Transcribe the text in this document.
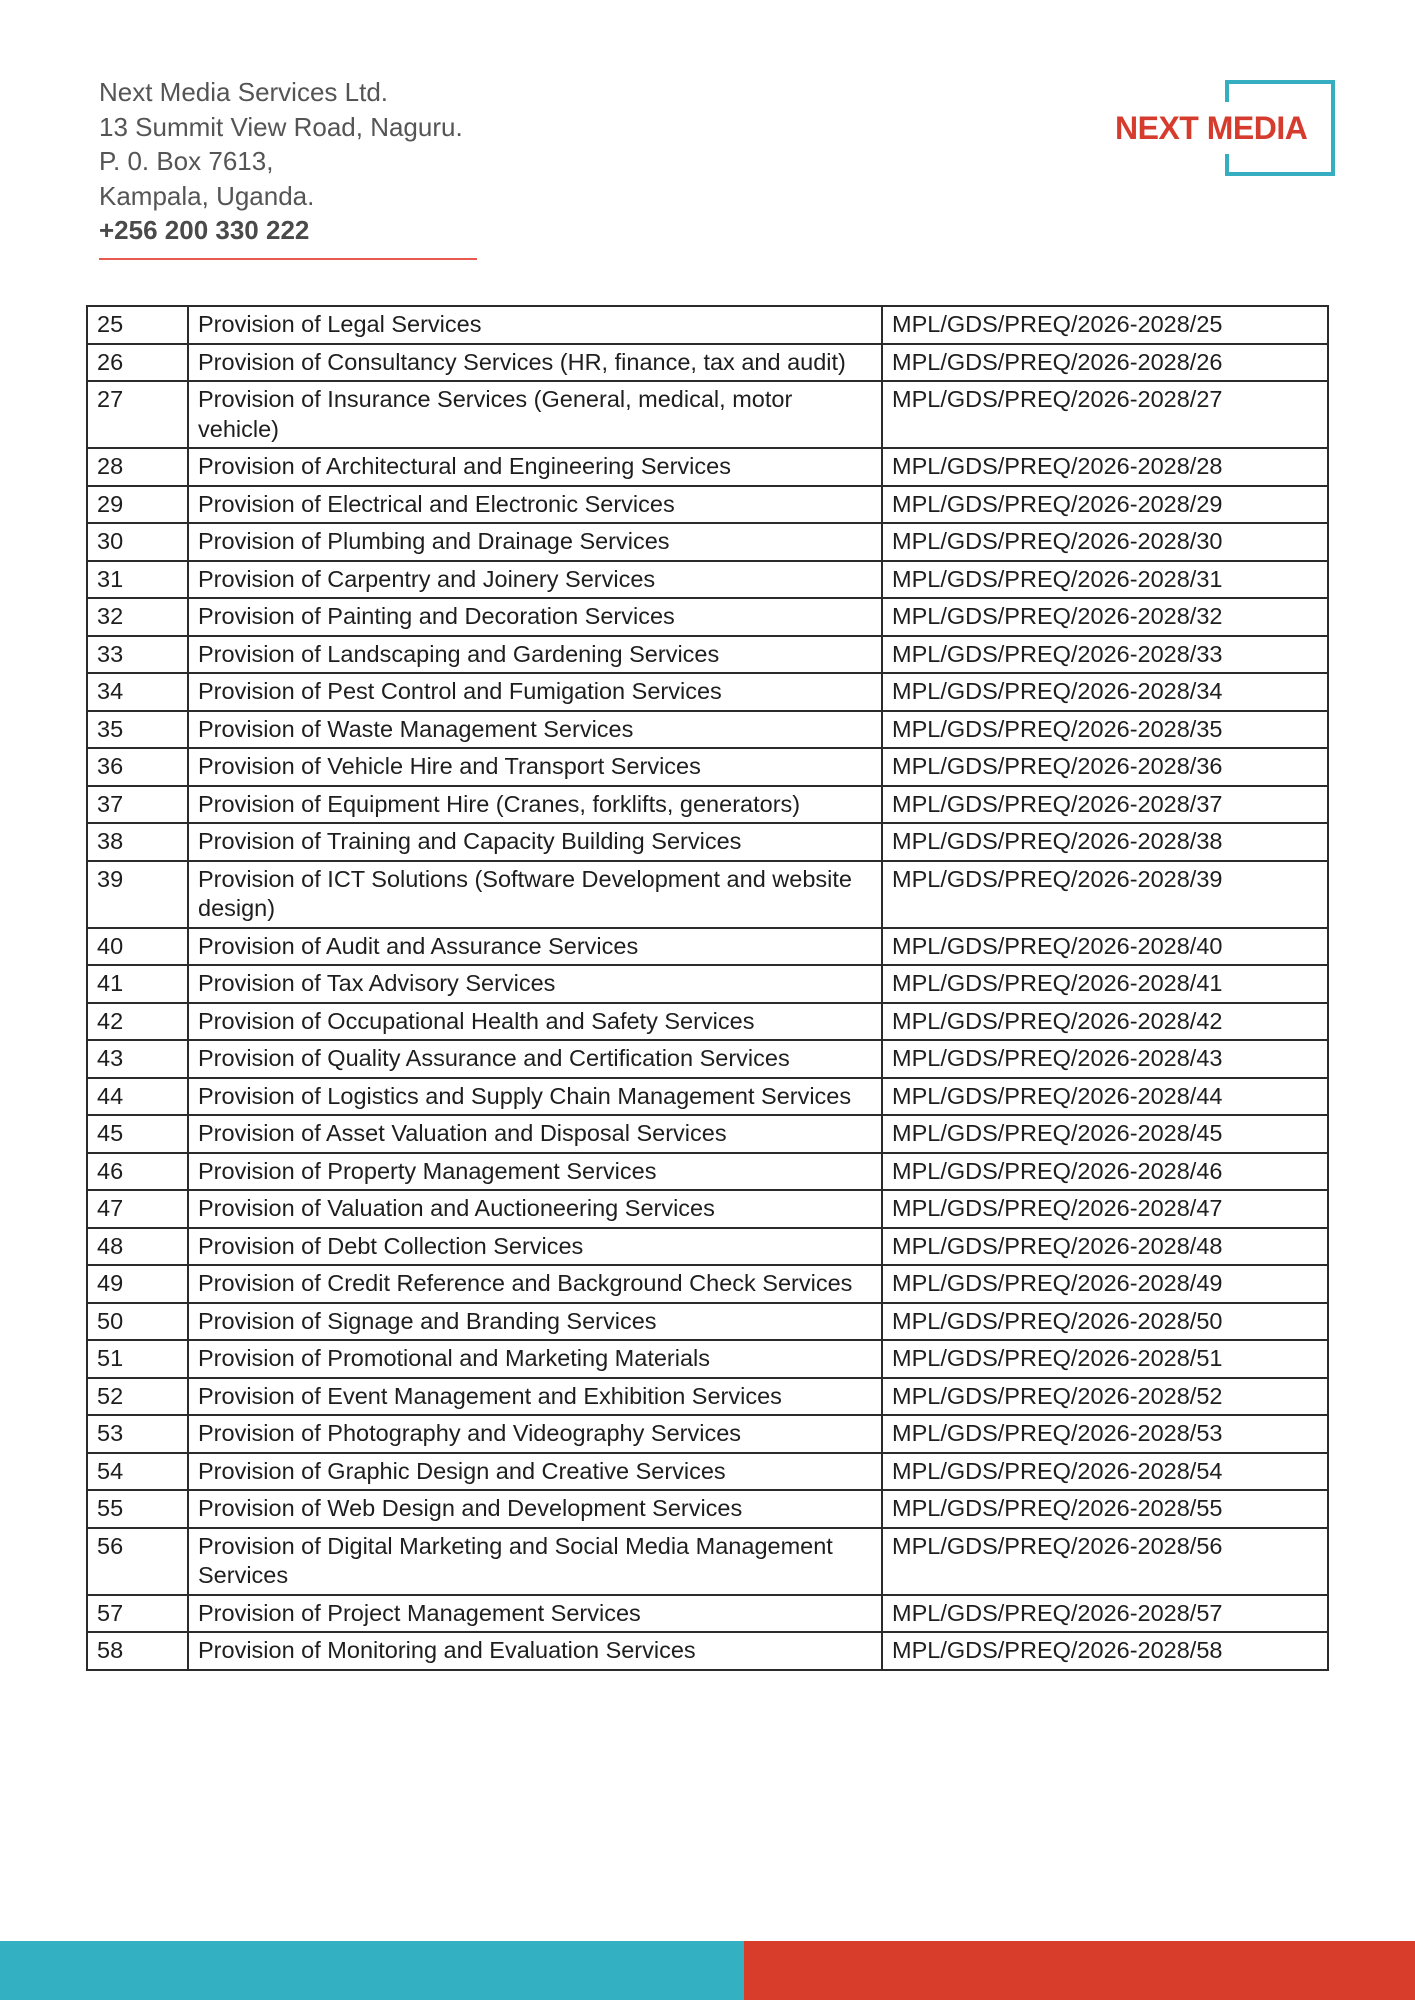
Next Media Services Ltd.
13 Summit View Road, Naguru.
P. 0. Box 7613,
Kampala, Uganda.
+256 200 330 222
NEXT MEDIA
25	Provision of Legal Services	MPL/GDS/PREQ/2026-2028/25
26	Provision of Consultancy Services (HR, finance, tax and audit)	MPL/GDS/PREQ/2026-2028/26
27	Provision of Insurance Services (General, medical, motor vehicle)	MPL/GDS/PREQ/2026-2028/27
28	Provision of Architectural and Engineering Services	MPL/GDS/PREQ/2026-2028/28
29	Provision of Electrical and Electronic Services	MPL/GDS/PREQ/2026-2028/29
30	Provision of Plumbing and Drainage Services	MPL/GDS/PREQ/2026-2028/30
31	Provision of Carpentry and Joinery Services	MPL/GDS/PREQ/2026-2028/31
32	Provision of Painting and Decoration Services	MPL/GDS/PREQ/2026-2028/32
33	Provision of Landscaping and Gardening Services	MPL/GDS/PREQ/2026-2028/33
34	Provision of Pest Control and Fumigation Services	MPL/GDS/PREQ/2026-2028/34
35	Provision of Waste Management Services	MPL/GDS/PREQ/2026-2028/35
36	Provision of Vehicle Hire and Transport Services	MPL/GDS/PREQ/2026-2028/36
37	Provision of Equipment Hire (Cranes, forklifts, generators)	MPL/GDS/PREQ/2026-2028/37
38	Provision of Training and Capacity Building Services	MPL/GDS/PREQ/2026-2028/38
39	Provision of ICT Solutions (Software Development and website design)	MPL/GDS/PREQ/2026-2028/39
40	Provision of Audit and Assurance Services	MPL/GDS/PREQ/2026-2028/40
41	Provision of Tax Advisory Services	MPL/GDS/PREQ/2026-2028/41
42	Provision of Occupational Health and Safety Services	MPL/GDS/PREQ/2026-2028/42
43	Provision of Quality Assurance and Certification Services	MPL/GDS/PREQ/2026-2028/43
44	Provision of Logistics and Supply Chain Management Services	MPL/GDS/PREQ/2026-2028/44
45	Provision of Asset Valuation and Disposal Services	MPL/GDS/PREQ/2026-2028/45
46	Provision of Property Management Services	MPL/GDS/PREQ/2026-2028/46
47	Provision of Valuation and Auctioneering Services	MPL/GDS/PREQ/2026-2028/47
48	Provision of Debt Collection Services	MPL/GDS/PREQ/2026-2028/48
49	Provision of Credit Reference and Background Check Services	MPL/GDS/PREQ/2026-2028/49
50	Provision of Signage and Branding Services	MPL/GDS/PREQ/2026-2028/50
51	Provision of Promotional and Marketing Materials	MPL/GDS/PREQ/2026-2028/51
52	Provision of Event Management and Exhibition Services	MPL/GDS/PREQ/2026-2028/52
53	Provision of Photography and Videography Services	MPL/GDS/PREQ/2026-2028/53
54	Provision of Graphic Design and Creative Services	MPL/GDS/PREQ/2026-2028/54
55	Provision of Web Design and Development Services	MPL/GDS/PREQ/2026-2028/55
56	Provision of Digital Marketing and Social Media Management Services	MPL/GDS/PREQ/2026-2028/56
57	Provision of Project Management Services	MPL/GDS/PREQ/2026-2028/57
58	Provision of Monitoring and Evaluation Services	MPL/GDS/PREQ/2026-2028/58
